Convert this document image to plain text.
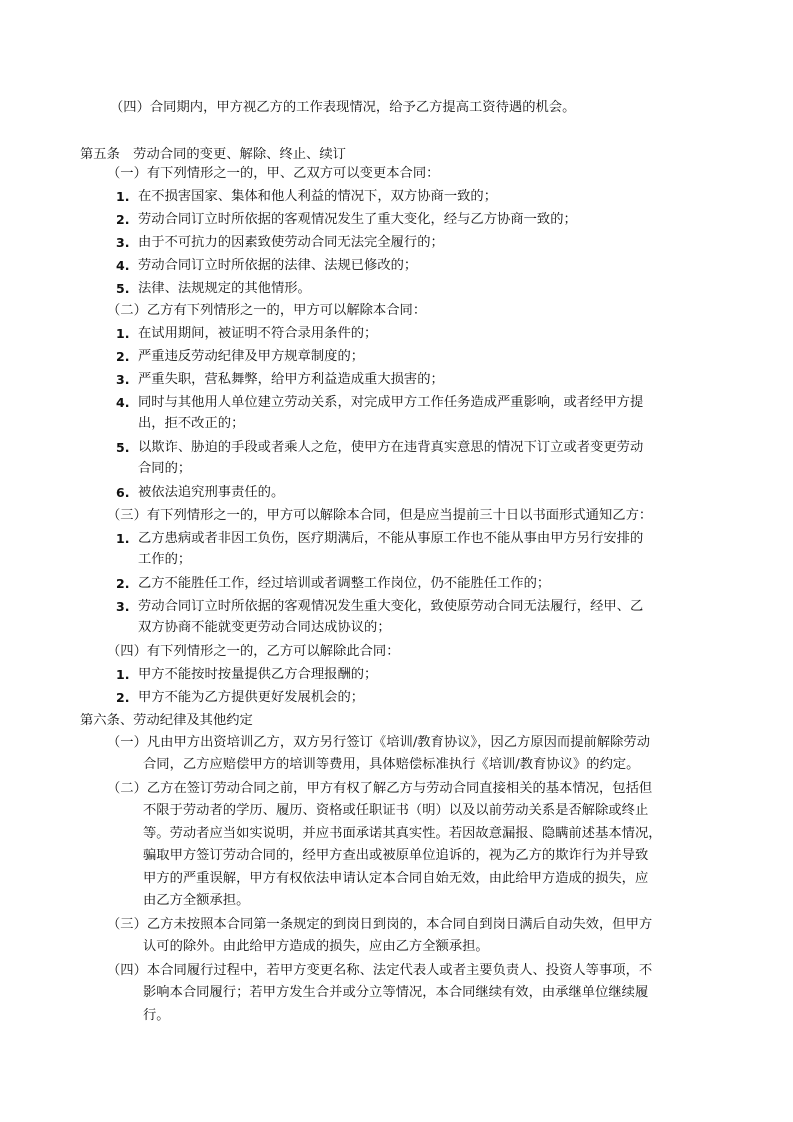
（四）合同期内，甲方视乙方的工作表现情况，给予乙方提高工资待遇的机会。
第五条　劳动合同的变更、解除、终止、续订
（一）有下列情形之一的，甲、乙双方可以变更本合同：
1. 在不损害国家、集体和他人利益的情况下，双方协商一致的；
2. 劳动合同订立时所依据的客观情况发生了重大变化，经与乙方协商一致的；
3. 由于不可抗力的因素致使劳动合同无法完全履行的；
4. 劳动合同订立时所依据的法律、法规已修改的；
5. 法律、法规规定的其他情形。
（二）乙方有下列情形之一的，甲方可以解除本合同：
1. 在试用期间，被证明不符合录用条件的；
2. 严重违反劳动纪律及甲方规章制度的；
3. 严重失职，营私舞弊，给甲方利益造成重大损害的；
4. 同时与其他用人单位建立劳动关系，对完成甲方工作任务造成严重影响，或者经甲方提
出，拒不改正的；
5. 以欺诈、胁迫的手段或者乘人之危，使甲方在违背真实意思的情况下订立或者变更劳动
合同的；
6. 被依法追究刑事责任的。
（三）有下列情形之一的，甲方可以解除本合同，但是应当提前三十日以书面形式通知乙方：
1. 乙方患病或者非因工负伤，医疗期满后，不能从事原工作也不能从事由甲方另行安排的
工作的；
2. 乙方不能胜任工作，经过培训或者调整工作岗位，仍不能胜任工作的；
3. 劳动合同订立时所依据的客观情况发生重大变化，致使原劳动合同无法履行，经甲、乙
双方协商不能就变更劳动合同达成协议的；
（四）有下列情形之一的，乙方可以解除此合同：
1. 甲方不能按时按量提供乙方合理报酬的；
2. 甲方不能为乙方提供更好发展机会的；
第六条、劳动纪律及其他约定
（一）凡由甲方出资培训乙方，双方另行签订《培训/教育协议》，因乙方原因而提前解除劳动
合同，乙方应赔偿甲方的培训等费用，具体赔偿标准执行《培训/教育协议》的约定。
（二）乙方在签订劳动合同之前，甲方有权了解乙方与劳动合同直接相关的基本情况，包括但
不限于劳动者的学历、履历、资格或任职证书（明）以及以前劳动关系是否解除或终止
等。劳动者应当如实说明，并应书面承诺其真实性。若因故意漏报、隐瞒前述基本情况，
骗取甲方签订劳动合同的，经甲方查出或被原单位追诉的，视为乙方的欺诈行为并导致
甲方的严重误解，甲方有权依法申请认定本合同自始无效，由此给甲方造成的损失，应
由乙方全额承担。
（三）乙方未按照本合同第一条规定的到岗日到岗的，本合同自到岗日满后自动失效，但甲方
认可的除外。由此给甲方造成的损失，应由乙方全额承担。
（四）本合同履行过程中，若甲方变更名称、法定代表人或者主要负责人、投资人等事项，不
影响本合同履行；若甲方发生合并或分立等情况，本合同继续有效，由承继单位继续履
行。
